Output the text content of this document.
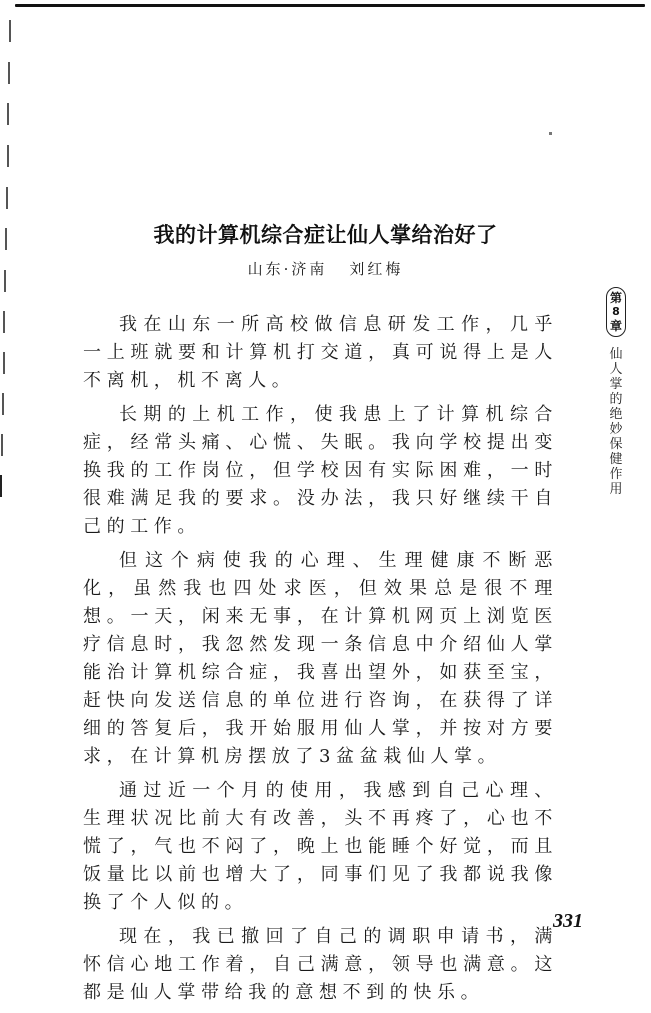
我的计算机综合症让仙人掌给治好了
山东·济南 刘红梅

我在山东一所高校做信息研发工作，几乎一上班就要和计算机打交道，真可说得上是人不离机，机不离人。

长期的上机工作，使我患上了计算机综合症，经常头痛、心慌、失眠。我向学校提出变换我的工作岗位，但学校因有实际困难，一时很难满足我的要求。没办法，我只好继续干自己的工作。

但这个病使我的心理、生理健康不断恶化，虽然我也四处求医，但效果总是很不理想。一天，闲来无事，在计算机网页上浏览医疗信息时，我忽然发现一条信息中介绍仙人掌能治计算机综合症，我喜出望外，如获至宝，赶快向发送信息的单位进行咨询，在获得了详细的答复后，我开始服用仙人掌，并按对方要求，在计算机房摆放了3盆盆栽仙人掌。

通过近一个月的使用，我感到自己心理、生理状况比前大有改善，头不再疼了，心也不慌了，气也不闷了，晚上也能睡个好觉，而且饭量比以前也增大了，同事们见了我都说我像换了个人似的。

现在，我已撤回了自己的调职申请书，满怀信心地工作着，自己满意，领导也满意。这都是仙人掌带给我的意想不到的快乐。

第
8
章
仙
人
掌
的
绝
妙
保
健
作
用
331
